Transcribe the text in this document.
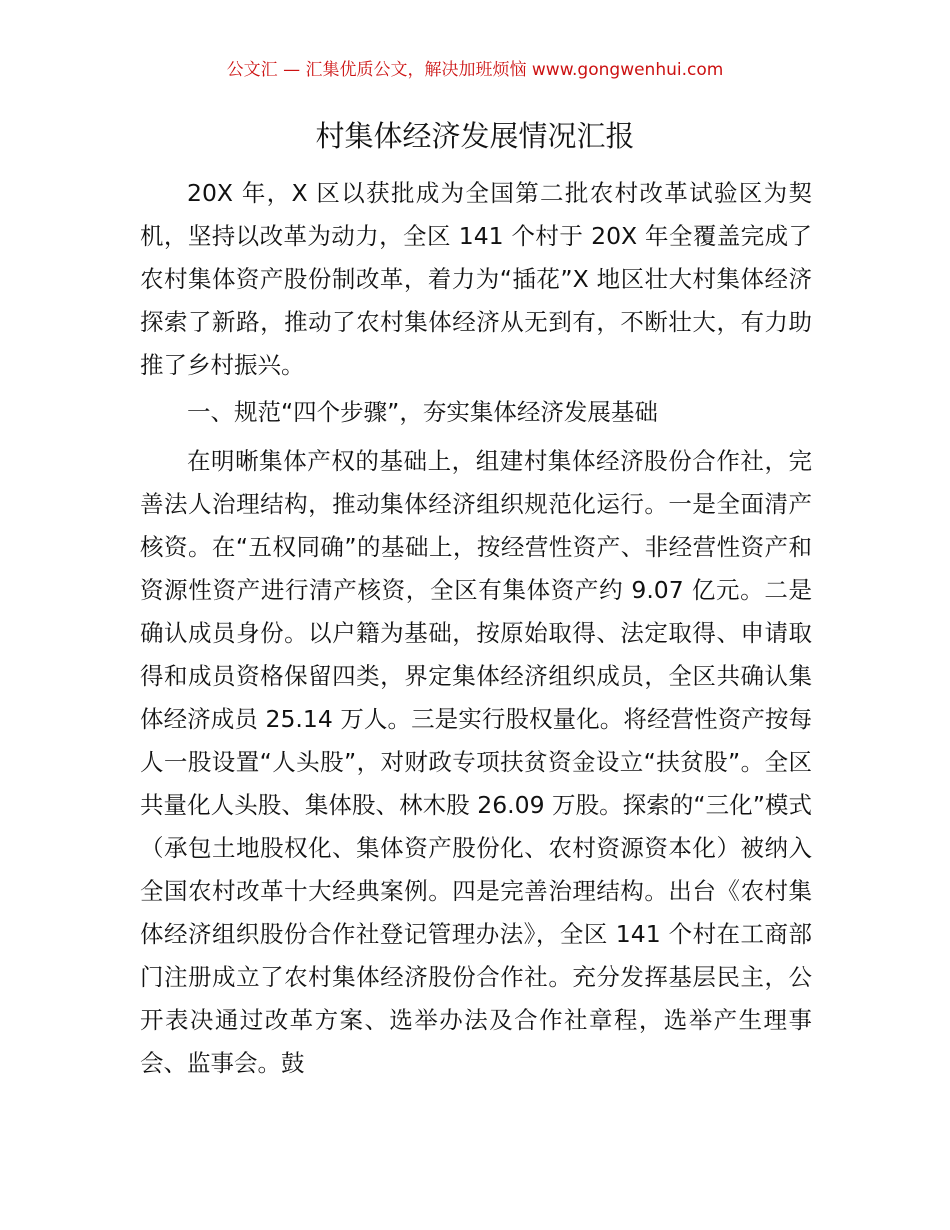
公文汇 — 汇集优质公文，解决加班烦恼 www.gongwenhui.com
村集体经济发展情况汇报

20X 年，X 区以获批成为全国第二批农村改革试验区为契机，坚持以改革为动力，全区 141 个村于 20X 年全覆盖完成了农村集体资产股份制改革，着力为“插花”X 地区壮大村集体经济探索了新路，推动了农村集体经济从无到有，不断壮大，有力助推了乡村振兴。

一、规范“四个步骤”，夯实集体经济发展基础

在明晰集体产权的基础上，组建村集体经济股份合作社，完善法人治理结构，推动集体经济组织规范化运行。一是全面清产核资。在“五权同确”的基础上，按经营性资产、非经营性资产和资源性资产进行清产核资，全区有集体资产约 9.07 亿元。二是确认成员身份。以户籍为基础，按原始取得、法定取得、申请取得和成员资格保留四类，界定集体经济组织成员，全区共确认集体经济成员 25.14 万人。三是实行股权量化。将经营性资产按每人一股设置“人头股”，对财政专项扶贫资金设立“扶贫股”。全区共量化人头股、集体股、林木股 26.09 万股。探索的“三化”模式（承包土地股权化、集体资产股份化、农村资源资本化）被纳入全国农村改革十大经典案例。四是完善治理结构。出台《农村集体经济组织股份合作社登记管理办法》，全区 141 个村在工商部门注册成立了农村集体经济股份合作社。充分发挥基层民主，公开表决通过改革方案、选举办法及合作社章程，选举产生理事会、监事会。鼓
